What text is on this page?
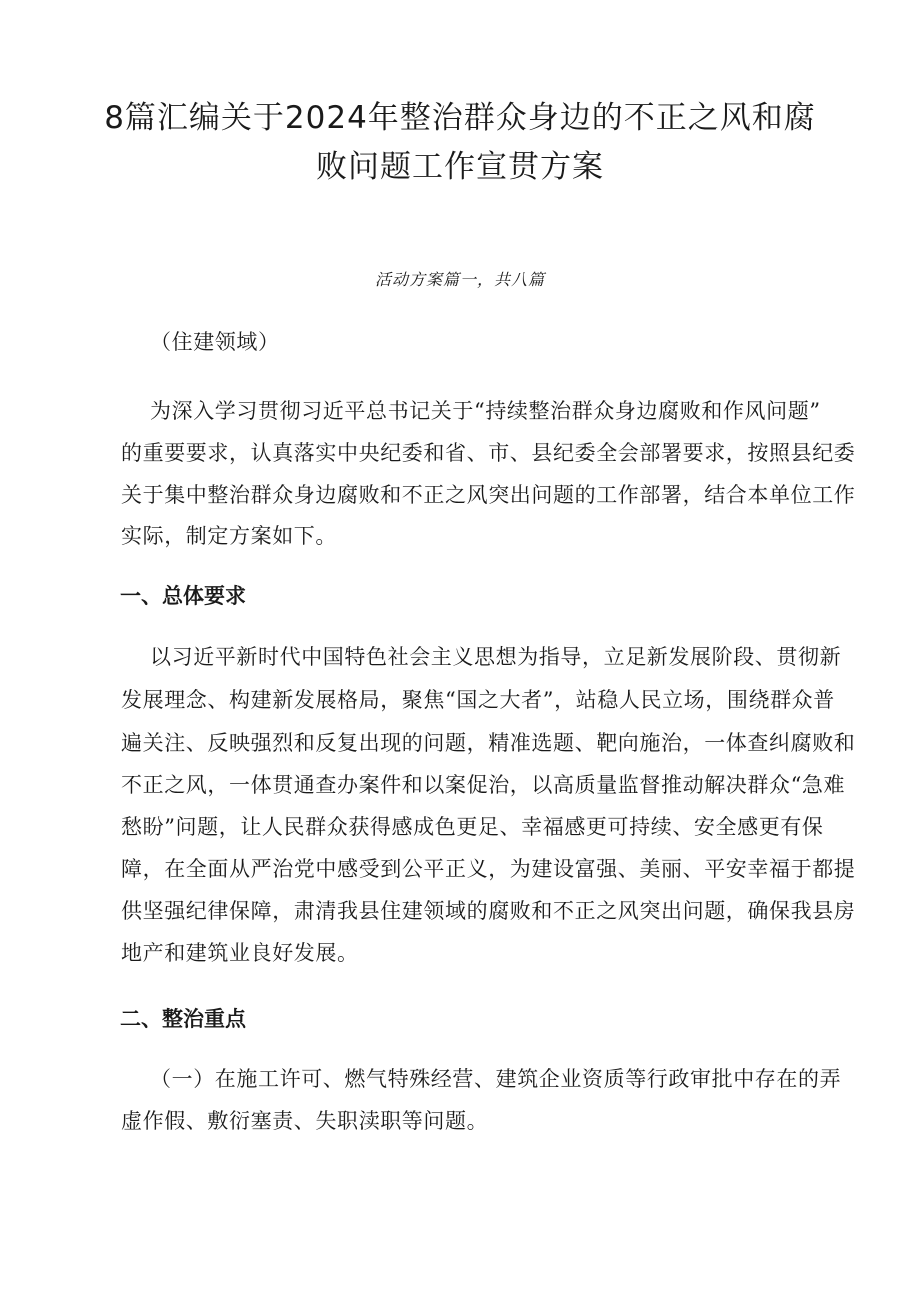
8篇汇编关于2024年整治群众身边的不正之风和腐
败问题工作宣贯方案
活动方案篇一，共八篇
（住建领域）
为深入学习贯彻习近平总书记关于“持续整治群众身边腐败和作风问题”
的重要要求，认真落实中央纪委和省、市、县纪委全会部署要求，按照县纪委
关于集中整治群众身边腐败和不正之风突出问题的工作部署，结合本单位工作
实际，制定方案如下。
一、总体要求
以习近平新时代中国特色社会主义思想为指导，立足新发展阶段、贯彻新
发展理念、构建新发展格局，聚焦“国之大者”，站稳人民立场，围绕群众普
遍关注、反映强烈和反复出现的问题，精准选题、靶向施治，一体查纠腐败和
不正之风，一体贯通查办案件和以案促治，以高质量监督推动解决群众“急难
愁盼”问题，让人民群众获得感成色更足、幸福感更可持续、安全感更有保
障，在全面从严治党中感受到公平正义，为建设富强、美丽、平安幸福于都提
供坚强纪律保障，肃清我县住建领域的腐败和不正之风突出问题，确保我县房
地产和建筑业良好发展。
二、整治重点
（一）在施工许可、燃气特殊经营、建筑企业资质等行政审批中存在的弄
虚作假、敷衍塞责、失职渎职等问题。
